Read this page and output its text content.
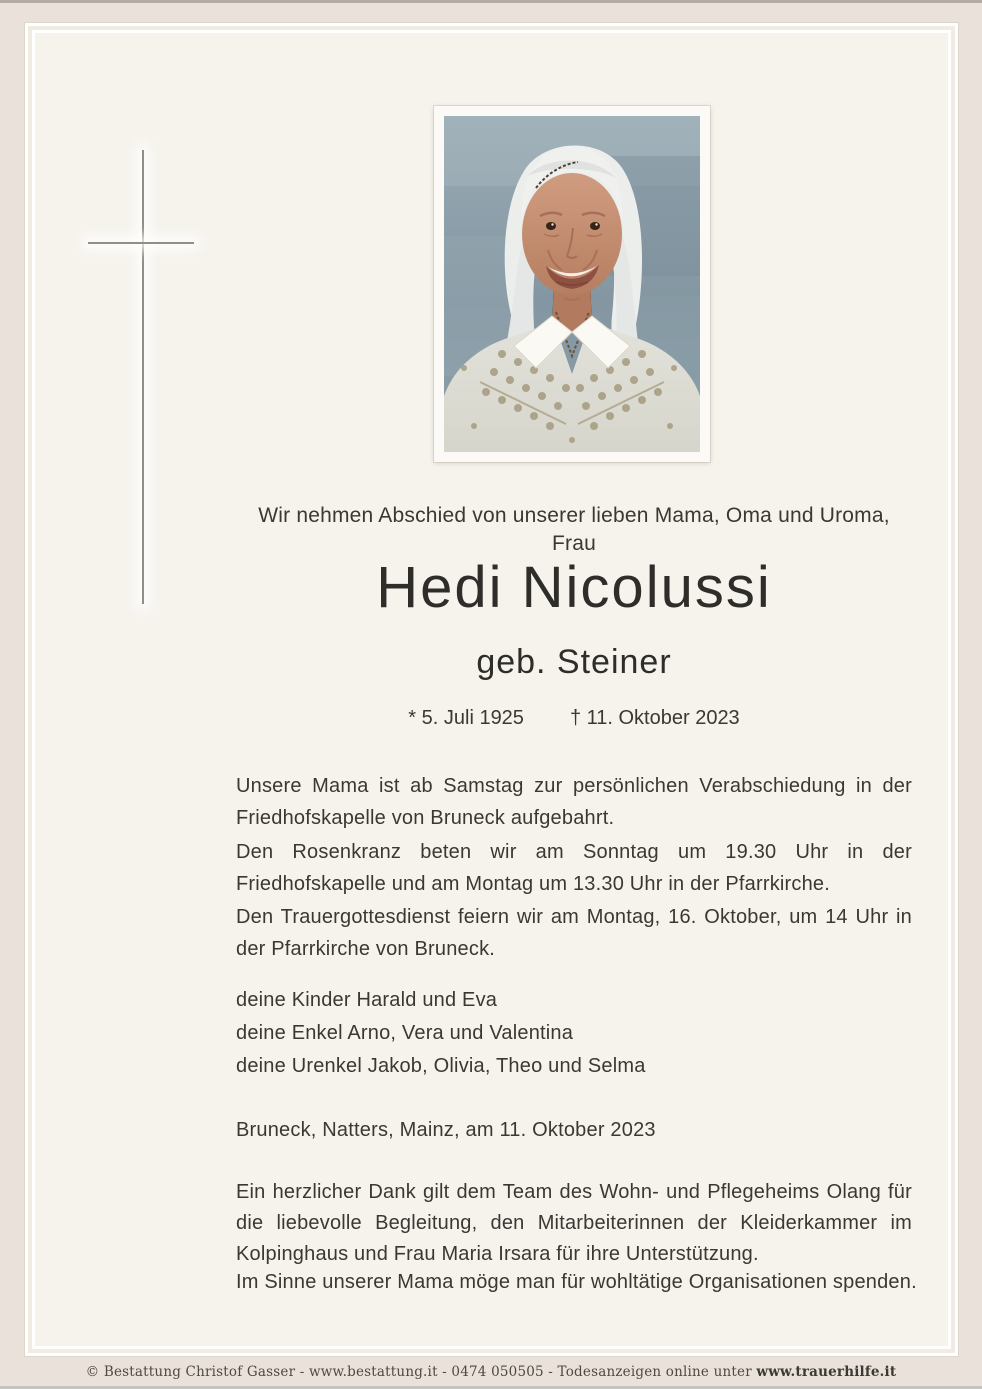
Wir nehmen Abschied von unserer lieben Mama, Oma und Uroma, Frau
Hedi Nicolussi
geb. Steiner
* 5. Juli 1925 † 11. Oktober 2023
Unsere Mama ist ab Samstag zur persönlichen Verabschiedung in der Friedhofskapelle von Bruneck aufgebahrt.
Den Rosenkranz beten wir am Sonntag um 19.30 Uhr in der Friedhofskapelle und am Montag um 13.30 Uhr in der Pfarrkirche.
Den Trauergottesdienst feiern wir am Montag, 16. Oktober, um 14 Uhr in der Pfarrkirche von Bruneck.
deine Kinder Harald und Eva
deine Enkel Arno, Vera und Valentina
deine Urenkel Jakob, Olivia, Theo und Selma
Bruneck, Natters, Mainz, am 11. Oktober 2023
Ein herzlicher Dank gilt dem Team des Wohn- und Pflegeheims Olang für die liebevolle Begleitung, den Mitarbeiterinnen der Kleiderkammer im Kolpinghaus und Frau Maria Irsara für ihre Unterstützung.
Im Sinne unserer Mama möge man für wohltätige Organisationen spenden.
© Bestattung Christof Gasser - www.bestattung.it - 0474 050505 - Todesanzeigen online unter www.trauerhilfe.it
